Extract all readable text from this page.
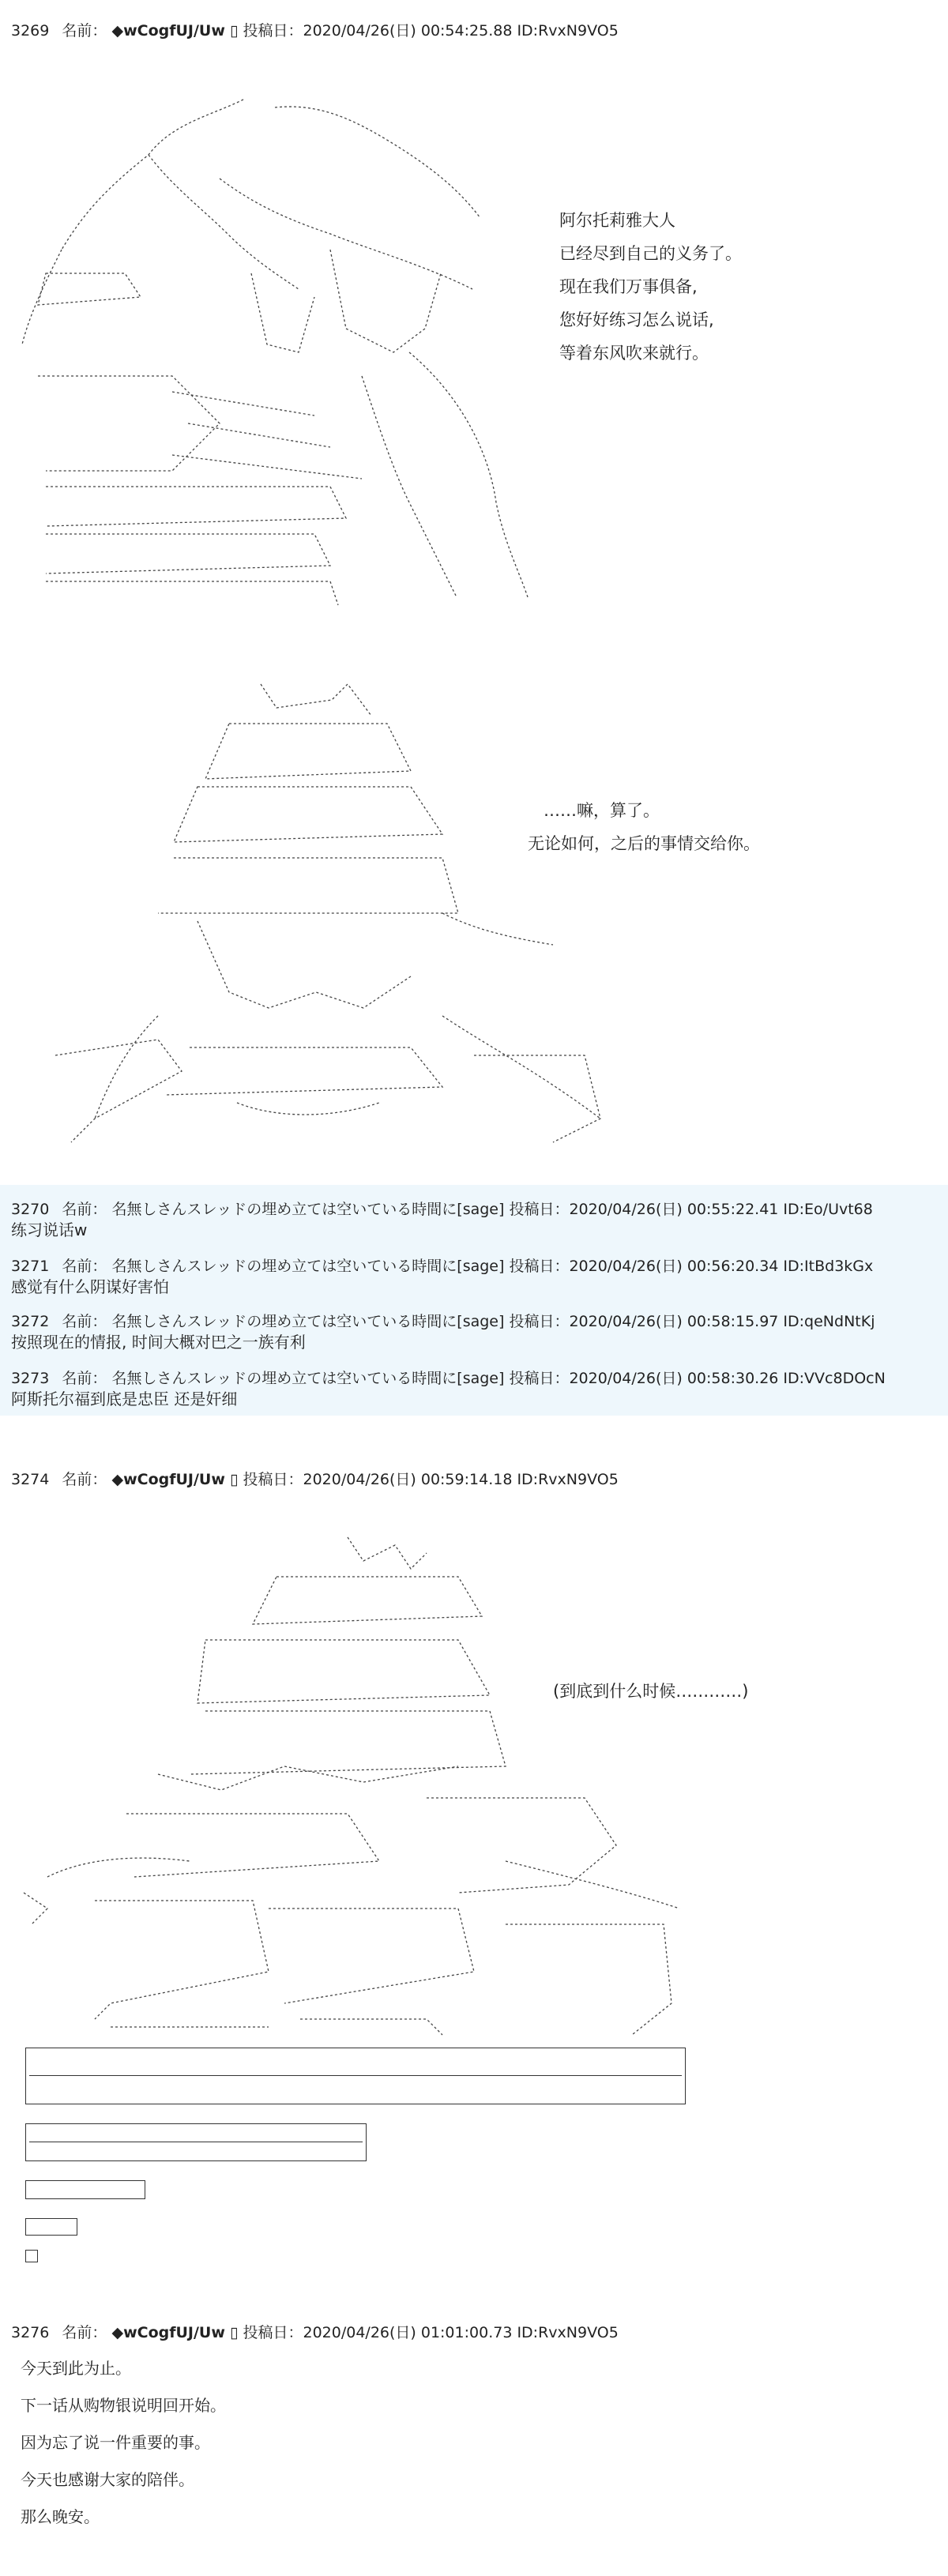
3269 名前： ◆wCogfUJ/Uw ▯ 投稿日：2020/04/26(日) 00:54:25.88 ID:RvxN9VO5

阿尔托莉雅大人
已经尽到自己的义务了。
现在我们万事俱备,
您好好练习怎么说话,
等着东风吹来就行。

……嘛，算了。
无论如何，之后的事情交给你。
3270 名前： 名無しさんスレッドの埋め立ては空いている時間に[sage] 投稿日：2020/04/26(日) 00:55:22.41 ID:Eo/Uvt68
练习说话w
3271 名前： 名無しさんスレッドの埋め立ては空いている時間に[sage] 投稿日：2020/04/26(日) 00:56:20.34 ID:ItBd3kGx
感觉有什么阴谋好害怕
3272 名前： 名無しさんスレッドの埋め立ては空いている時間に[sage] 投稿日：2020/04/26(日) 00:58:15.97 ID:qeNdNtKj
按照现在的情报, 时间大概对巴之一族有利
3273 名前： 名無しさんスレッドの埋め立ては空いている時間に[sage] 投稿日：2020/04/26(日) 00:58:30.26 ID:VVc8DOcN
阿斯托尔福到底是忠臣 还是奸细
3274 名前： ◆wCogfUJ/Uw ▯ 投稿日：2020/04/26(日) 00:59:14.18 ID:RvxN9VO5

(到底到什么时候…………)
3276 名前： ◆wCogfUJ/Uw ▯ 投稿日：2020/04/26(日) 01:01:00.73 ID:RvxN9VO5
今天到此为止。
下一话从购物银说明回开始。
因为忘了说一件重要的事。
今天也感谢大家的陪伴。
那么晚安。
